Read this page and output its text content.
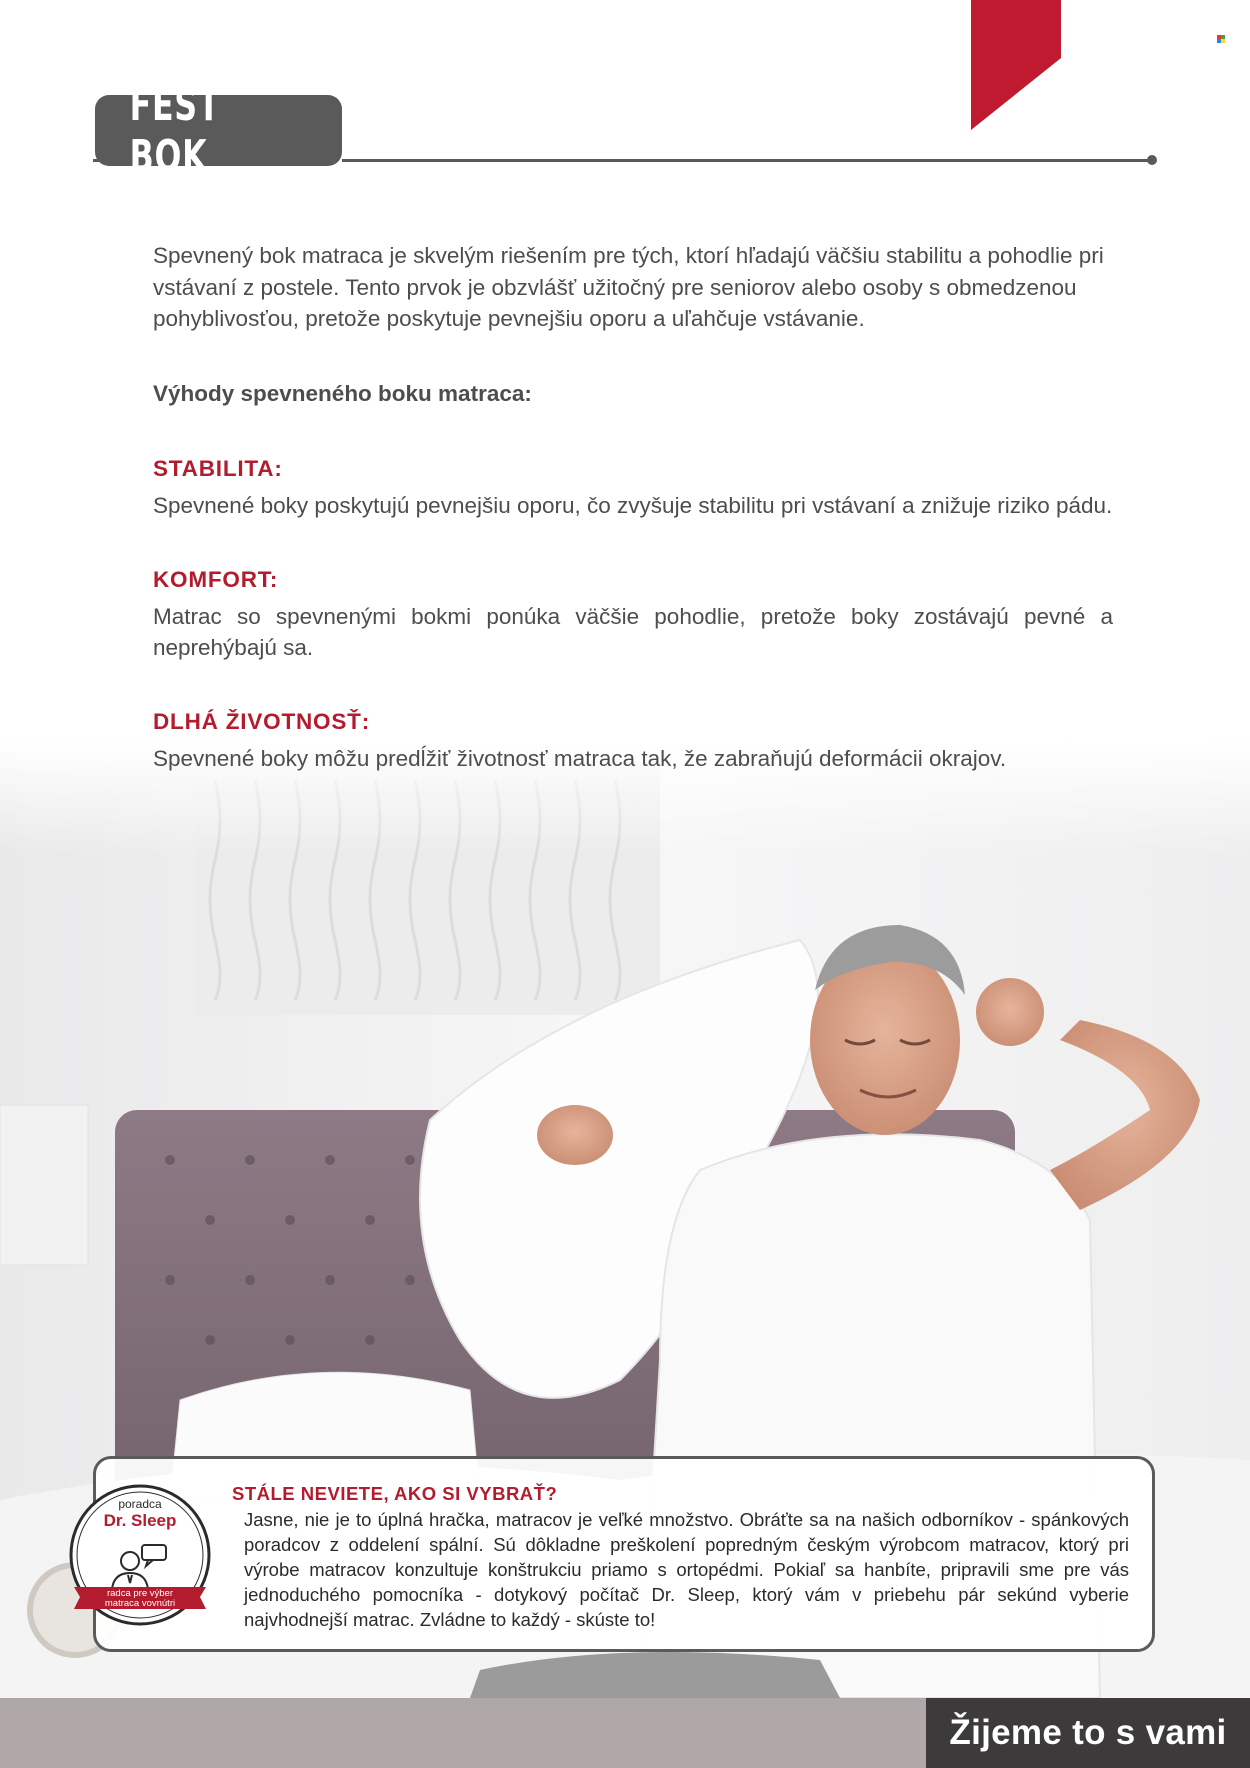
FEST BOK

Spevnený bok matraca je skvelým riešením pre tých, ktorí hľadajú väčšiu stabilitu a pohodlie pri vstávaní z postele. Tento prvok je obzvlášť užitočný pre seniorov alebo osoby s obmedzenou pohyblivosťou, pretože poskytuje pevnejšiu oporu a uľahčuje vstávanie.

Výhody spevneného boku matraca:

STABILITA:

Spevnené boky poskytujú pevnejšiu oporu, čo zvyšuje stabilitu pri vstávaní a znižuje riziko pádu.

KOMFORT:

Matrac so spevnenými bokmi ponúka väčšie pohodlie, pretože boky zostávajú pevné a neprehýbajú sa.

DLHÁ ŽIVOTNOSŤ:

Spevnené boky môžu predĺžiť životnosť matraca tak, že zabraňujú deformácii okrajov.

STÁLE NEVIETE, AKO SI VYBRAŤ?
Jasne, nie je to úplná hračka, matracov je veľké množstvo. Obráťte sa na našich odborníkov - spánkových poradcov z oddelení spální. Sú dôkladne preškolení popredným českým výrobcom matracov, ktorý pri výrobe matracov konzultuje konštrukciu priamo s ortopédmi. Pokiaľ sa hanbíte, pripravili sme pre vás jednoduchého pomocníka - dotykový počítač Dr. Sleep, ktorý vám v priebehu pár sekúnd vyberie najvhodnejší matrac. Zvládne to každý - skúste to!
poradca
Dr. Sleep
radca pre výber
matraca vovnútri
Žijeme to s vami
